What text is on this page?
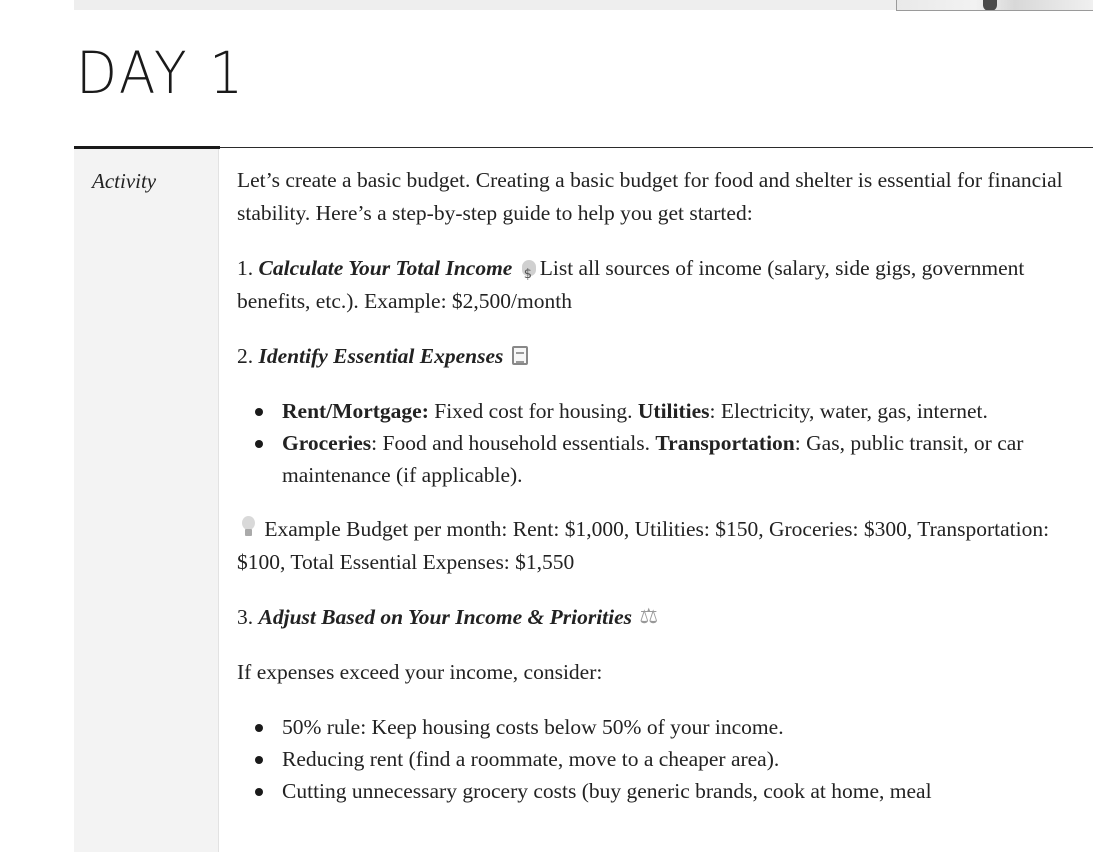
DAY 1
Activity	Let’s create a basic budget. Creating a basic budget for food and shelter is essential for financial stability. Here’s a step-by-step guide to help you get started:

1. Calculate Your Total Income $ List all sources of income (salary, side gigs, government benefits, etc.). Example: $2,500/month

2. Identify Essential Expenses

Rent/Mortgage: Fixed cost for housing. Utilities: Electricity, water, gas, internet.
Groceries: Food and household essentials. Transportation: Gas, public transit, or car maintenance (if applicable).

Example Budget per month: Rent: $1,000, Utilities: $150, Groceries: $300, Transportation: $100, Total Essential Expenses: $1,550

3. Adjust Based on Your Income & Priorities ⚖

If expenses exceed your income, consider:

50% rule: Keep housing costs below 50% of your income.
Reducing rent (find a roommate, move to a cheaper area).
Cutting unnecessary grocery costs (buy generic brands, cook at home, meal
